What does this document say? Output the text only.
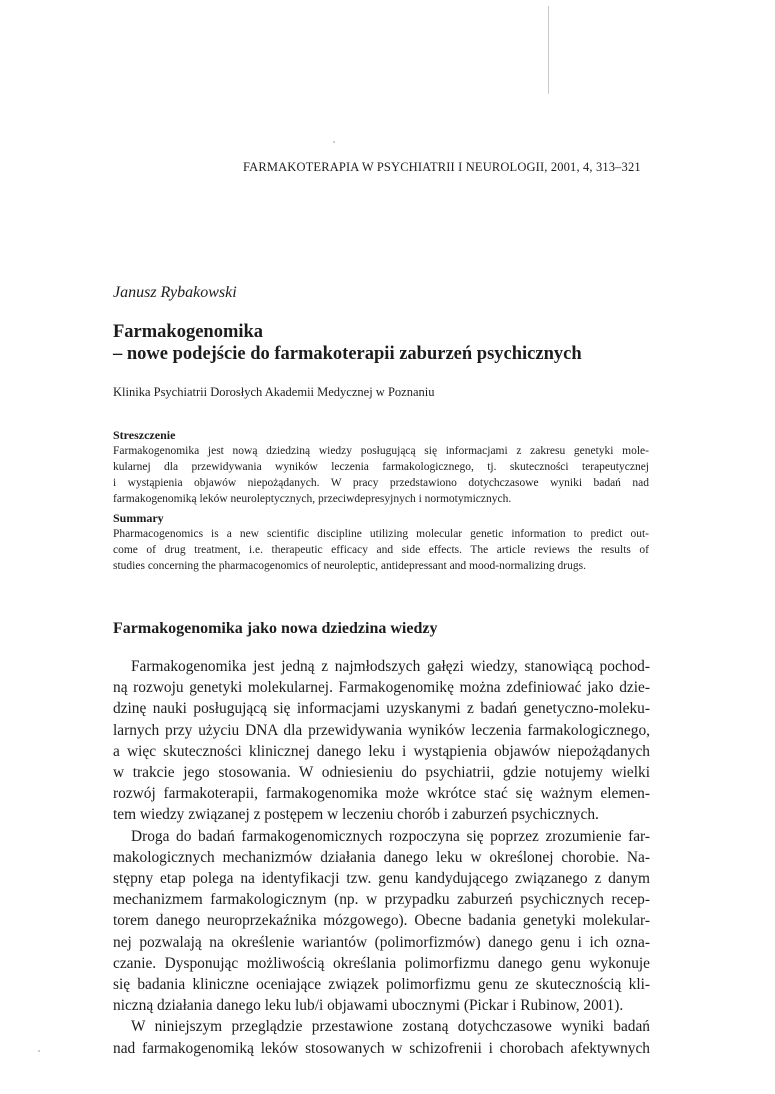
FARMAKOTERAPIA W PSYCHIATRII I NEUROLOGII, 2001, 4, 313–321
Janusz Rybakowski
Farmakogenomika
– nowe podejście do farmakoterapii zaburzeń psychicznych
Klinika Psychiatrii Dorosłych Akademii Medycznej w Poznaniu
Streszczenie

Farmakogenomika jest nową dziedziną wiedzy posługującą się informacjami z zakresu genetyki mole-
kularnej dla przewidywania wyników leczenia farmakologicznego, tj. skuteczności terapeutycznej
i wystąpienia objawów niepożądanych. W pracy przedstawiono dotychczasowe wyniki badań nad
farmakogenomiką leków neuroleptycznych, przeciwdepresyjnych i normotymicznych.

Summary

Pharmacogenomics is a new scientific discipline utilizing molecular genetic information to predict out-
come of drug treatment, i.e. therapeutic efficacy and side effects. The article reviews the results of
studies concerning the pharmacogenomics of neuroleptic, antidepressant and mood-normalizing drugs.

Farmakogenomika jako nowa dziedzina wiedzy
Farmakogenomika jest jedną z najmłodszych gałęzi wiedzy, stanowiącą pochod-
ną rozwoju genetyki molekularnej. Farmakogenomikę można zdefiniować jako dzie-
dzinę nauki posługującą się informacjami uzyskanymi z badań genetyczno-moleku-
larnych przy użyciu DNA dla przewidywania wyników leczenia farmakologicznego,
a więc skuteczności klinicznej danego leku i wystąpienia objawów niepożądanych
w trakcie jego stosowania. W odniesieniu do psychiatrii, gdzie notujemy wielki
rozwój farmakoterapii, farmakogenomika może wkrótce stać się ważnym elemen-
tem wiedzy związanej z postępem w leczeniu chorób i zaburzeń psychicznych.
Droga do badań farmakogenomicznych rozpoczyna się poprzez zrozumienie far-
makologicznych mechanizmów działania danego leku w określonej chorobie. Na-
stępny etap polega na identyfikacji tzw. genu kandydującego związanego z danym
mechanizmem farmakologicznym (np. w przypadku zaburzeń psychicznych recep-
torem danego neuroprzekaźnika mózgowego). Obecne badania genetyki molekular-
nej pozwalają na określenie wariantów (polimorfizmów) danego genu i ich ozna-
czanie. Dysponując możliwością określania polimorfizmu danego genu wykonuje
się badania kliniczne oceniające związek polimorfizmu genu ze skutecznością kli-
niczną działania danego leku lub/i objawami ubocznymi (Pickar i Rubinow, 2001).
W niniejszym przeglądzie przestawione zostaną dotychczasowe wyniki badań
nad farmakogenomiką leków stosowanych w schizofrenii i chorobach afektywnych
